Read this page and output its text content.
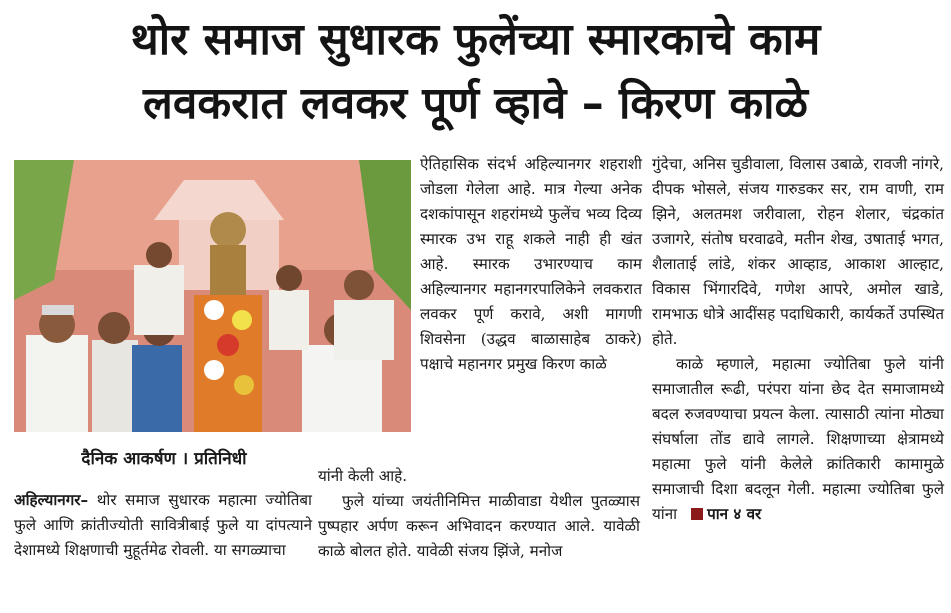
थोर समाज सुधारक फुलेंच्या स्मारकाचे काम
लवकरात लवकर पूर्ण व्हावे – किरण काळे
दैनिक आकर्षण । प्रतिनिधी

अहिल्यानगर– थोर समाज सुधारक महात्मा ज्योतिबा फुले आणि क्रांतीज्योती सावित्रीबाई फुले या दांपत्याने देशामध्ये शिक्षणाची मुहूर्तमेढ रोवली. या सगळ्याचा

ऐतिहासिक संदर्भ अहिल्यानगर शहराशी जोडला गेलेला आहे. मात्र गेल्या अनेक दशकांपासून शहरांमध्ये फुलेंच भव्य दिव्य स्मारक उभ राहू शकले नाही ही खंत आहे. स्मारक उभारण्याच काम अहिल्यानगर महानगरपालिकेने लवकरात लवकर पूर्ण करावे, अशी मागणी शिवसेना (उद्धव बाळासाहेब ठाकरे) पक्षाचे महानगर प्रमुख किरण काळे

यांनी केली आहे.

फुले यांच्या जयंतीनिमित्त माळीवाडा येथील पुतळ्यास पुष्पहार अर्पण करून अभिवादन करण्यात आले. यावेळी काळे बोलत होते. यावेळी संजय झिंजे, मनोज

गुंदेचा, अनिस चुडीवाला, विलास उबाळे, रावजी नांगरे, दीपक भोसले, संजय गारुडकर सर, राम वाणी, राम झिने, अलतमश जरीवाला, रोहन शेलार, चंद्रकांत उजागरे, संतोष घरवाढवे, मतीन शेख, उषाताई भगत, शैलाताई लांडे, शंकर आव्हाड, आकाश आल्हाट, विकास भिंगारदिवे, गणेश आपरे, अमोल खाडे, रामभाऊ धोत्रे आदींसह पदाधिकारी, कार्यकर्ते उपस्थित होते.

काळे म्हणाले, महात्मा ज्योतिबा फुले यांनी समाजातील रूढी, परंपरा यांना छेद देत समाजामध्ये बदल रुजवण्याचा प्रयत्न केला. त्यासाठी त्यांना मोठ्या संघर्षाला तोंड द्यावे लागले. शिक्षणाच्या क्षेत्रामध्ये महात्मा फुले यांनी केलेले क्रांतिकारी कामामुळे समाजाची दिशा बदलून गेली. महात्मा ज्योतिबा फुले यांना पान ४ वर
